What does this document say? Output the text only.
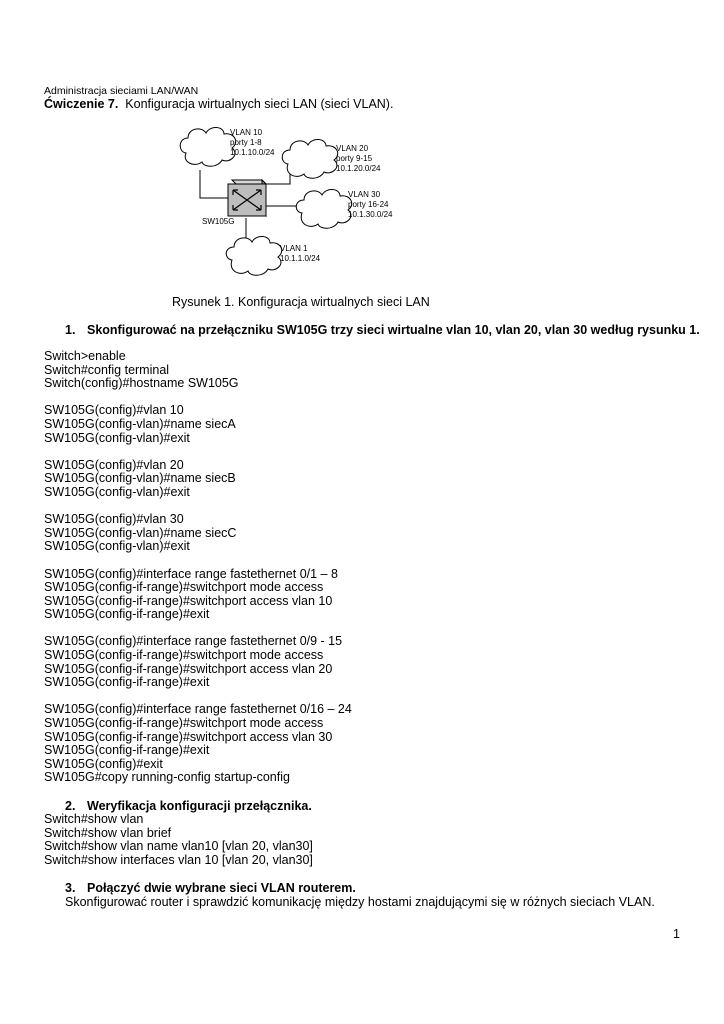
Administracja sieciami LAN/WAN
Ćwiczenie 7.  Konfiguracja wirtualnych sieci LAN (sieci VLAN).
VLAN 10
porty 1-8
10.1.10.0/24	VLAN 20
porty 9-15
10.1.20.0/24
VLAN 30
porty 16-24
10.1.30.0/24
VLAN 1
10.1.1.0/24
SW105G
Rysunek 1. Konfiguracja wirtualnych sieci LAN
1. Skonfigurować na przełączniku SW105G trzy sieci wirtualne vlan 10, vlan 20, vlan 30 według rysunku 1.
Switch>enable
Switch#config terminal
Switch(config)#hostname SW105G
SW105G(config)#vlan 10
SW105G(config-vlan)#name siecA
SW105G(config-vlan)#exit
SW105G(config)#vlan 20
SW105G(config-vlan)#name siecB
SW105G(config-vlan)#exit
SW105G(config)#vlan 30
SW105G(config-vlan)#name siecC
SW105G(config-vlan)#exit
SW105G(config)#interface range fastethernet 0/1 – 8
SW105G(config-if-range)#switchport mode access
SW105G(config-if-range)#switchport access vlan 10
SW105G(config-if-range)#exit
SW105G(config)#interface range fastethernet 0/9 - 15
SW105G(config-if-range)#switchport mode access
SW105G(config-if-range)#switchport access vlan 20
SW105G(config-if-range)#exit
SW105G(config)#interface range fastethernet 0/16 – 24
SW105G(config-if-range)#switchport mode access
SW105G(config-if-range)#switchport access vlan 30
SW105G(config-if-range)#exit
SW105G(config)#exit
SW105G#copy running-config startup-config
2. Weryfikacja konfiguracji przełącznika.
Switch#show vlan
Switch#show vlan brief
Switch#show vlan name vlan10 [vlan 20, vlan30]
Switch#show interfaces vlan 10 [vlan 20, vlan30]
3. Połączyć dwie wybrane sieci VLAN routerem.
Skonfigurować router i sprawdzić komunikację między hostami znajdującymi się w różnych sieciach VLAN.
1
